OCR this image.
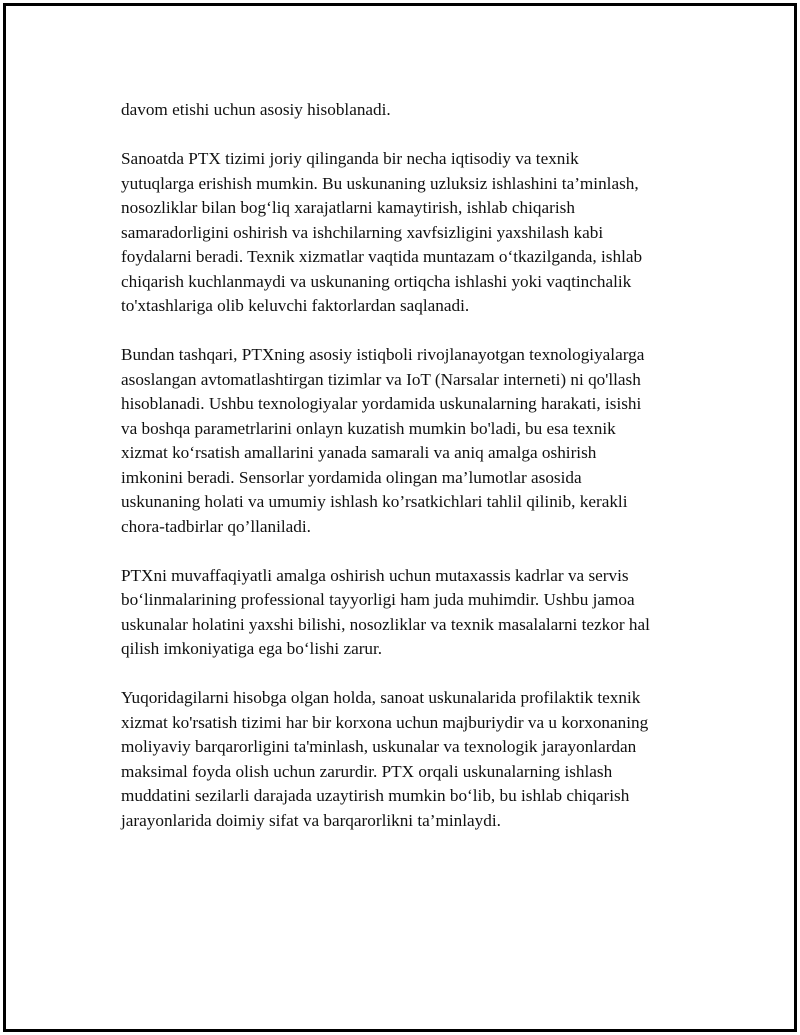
davom etishi uchun asosiy hisoblanadi.

Sanoatda PTX tizimi joriy qilinganda bir necha iqtisodiy va texnik
yutuqlarga erishish mumkin. Bu uskunaning uzluksiz ishlashini ta’minlash,
nosozliklar bilan bog‘liq xarajatlarni kamaytirish, ishlab chiqarish
samaradorligini oshirish va ishchilarning xavfsizligini yaxshilash kabi
foydalarni beradi. Texnik xizmatlar vaqtida muntazam o‘tkazilganda, ishlab
chiqarish kuchlanmaydi va uskunaning ortiqcha ishlashi yoki vaqtinchalik
to'xtashlariga olib keluvchi faktorlardan saqlanadi.

Bundan tashqari, PTXning asosiy istiqboli rivojlanayotgan texnologiyalarga
asoslangan avtomatlashtirgan tizimlar va IoT (Narsalar interneti) ni qo'llash
hisoblanadi. Ushbu texnologiyalar yordamida uskunalarning harakati, isishi
va boshqa parametrlarini onlayn kuzatish mumkin bo'ladi, bu esa texnik
xizmat ko‘rsatish amallarini yanada samarali va aniq amalga oshirish
imkonini beradi. Sensorlar yordamida olingan ma’lumotlar asosida
uskunaning holati va umumiy ishlash ko’rsatkichlari tahlil qilinib, kerakli
chora-tadbirlar qo’llaniladi.

PTXni muvaffaqiyatli amalga oshirish uchun mutaxassis kadrlar va servis
bo‘linmalarining professional tayyorligi ham juda muhimdir. Ushbu jamoa
uskunalar holatini yaxshi bilishi, nosozliklar va texnik masalalarni tezkor hal
qilish imkoniyatiga ega bo‘lishi zarur.

Yuqoridagilarni hisobga olgan holda, sanoat uskunalarida profilaktik texnik
xizmat ko'rsatish tizimi har bir korxona uchun majburiydir va u korxonaning
moliyaviy barqarorligini ta'minlash, uskunalar va texnologik jarayonlardan
maksimal foyda olish uchun zarurdir. PTX orqali uskunalarning ishlash
muddatini sezilarli darajada uzaytirish mumkin bo‘lib, bu ishlab chiqarish
jarayonlarida doimiy sifat va barqarorlikni ta’minlaydi.
